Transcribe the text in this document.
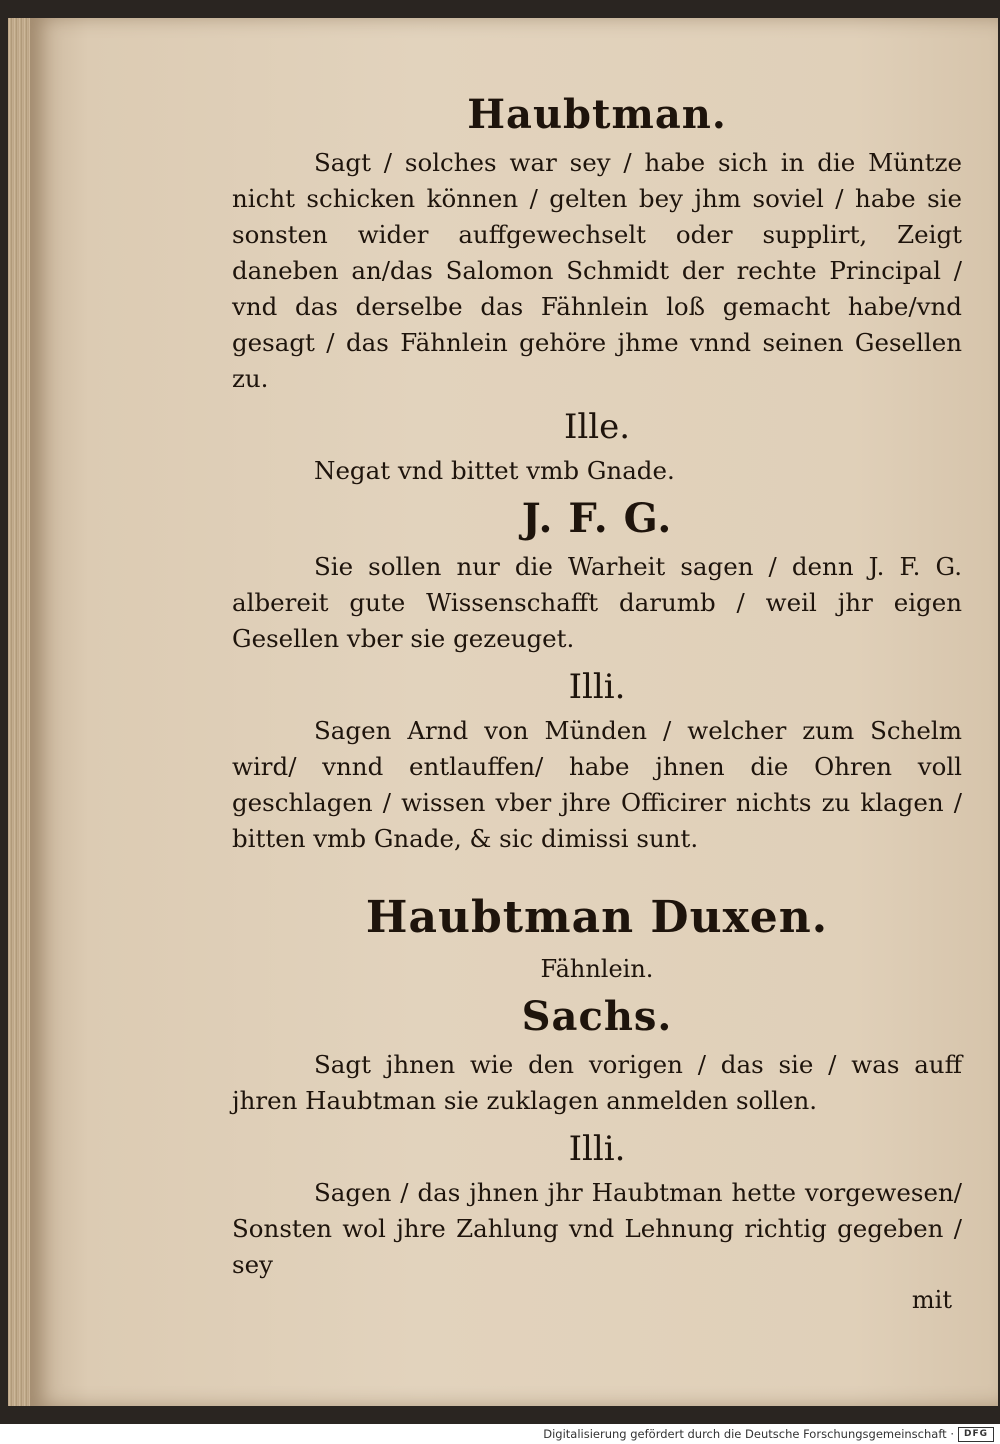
Haubtman.

Sagt / solches war sey / habe sich in die Müntze nicht schicken können / gelten bey jhm soviel / habe sie sonsten wider auffgewechselt oder supplirt, Zeigt daneben an/das Salomon Schmidt der rechte Principal / vnd das derselbe das Fähnlein loß gemacht habe/vnd gesagt / das Fähnlein gehöre jhme vnnd seinen Gesellen zu.

Ille.

Negat vnd bittet vmb Gnade.

J. F. G.

Sie sollen nur die Warheit sagen / denn J. F. G. albereit gute Wissenschafft darumb / weil jhr eigen Gesellen vber sie gezeuget.

Illi.

Sagen Arnd von Münden / welcher zum Schelm wird/ vnnd entlauffen/ habe jhnen die Ohren voll geschlagen / wissen vber jhre Officirer nichts zu klagen / bitten vmb Gnade, & sic dimissi sunt.

Haubtman Duxen.
Fähnlein.
Sachs.

Sagt jhnen wie den vorigen / das sie / was auff jhren Haubtman sie zuklagen anmelden sollen.

Illi.

Sagen / das jhnen jhr Haubtman hette vorgewesen/ Sonsten wol jhre Zahlung vnd Lehnung richtig gegeben / sey

mit

Digitalisierung gefördert durch die Deutsche Forschungsgemeinschaft ·	DFG
